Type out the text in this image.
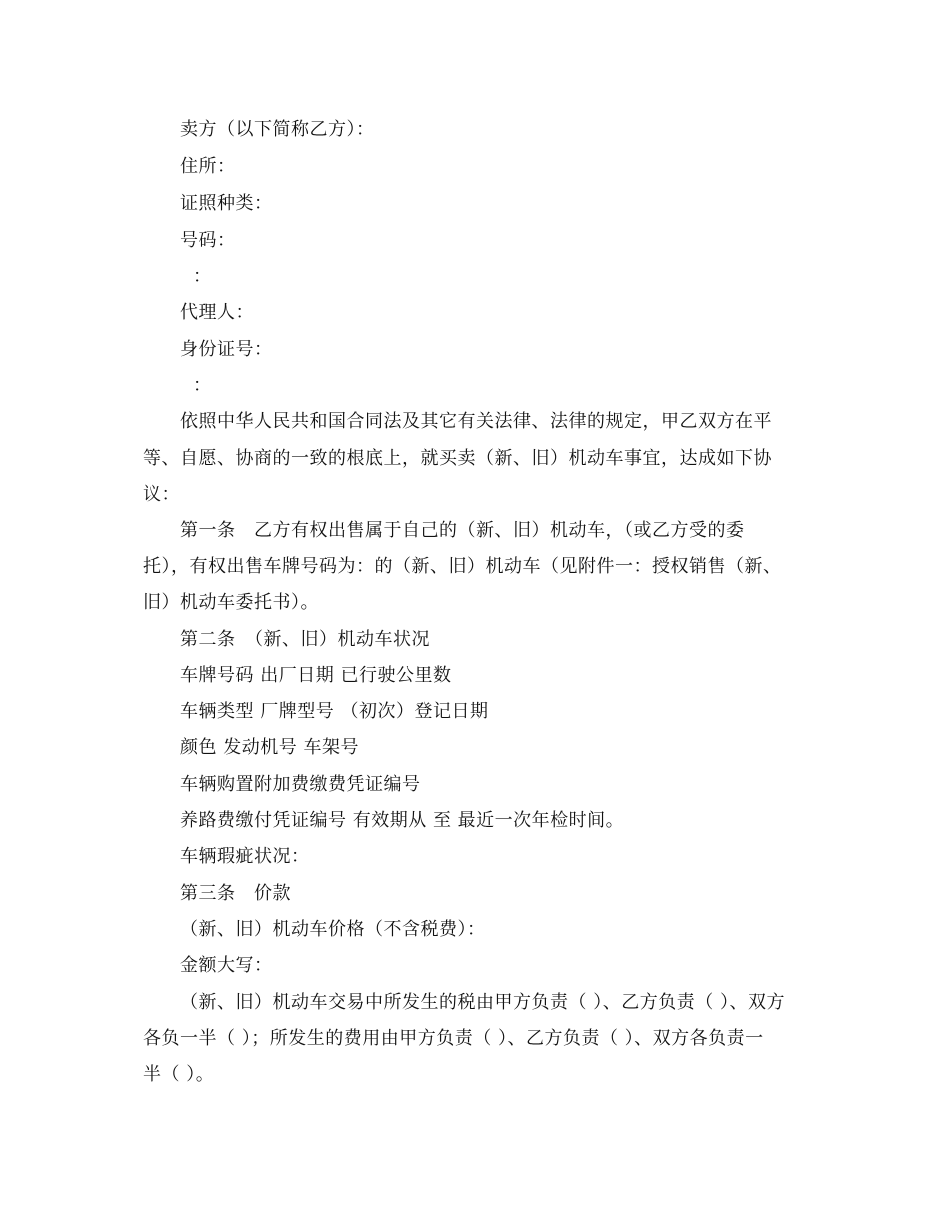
卖方（以下简称乙方）：
住所：
证照种类：
号码：
：
代理人：
身份证号：
：
依照中华人民共和国合同法及其它有关法律、法律的规定，甲乙双方在平
等、自愿、协商的一致的根底上，就买卖（新、旧）机动车事宜，达成如下协
议：
第一条　乙方有权出售属于自己的（新、旧）机动车，（或乙方受的委
托），有权出售车牌号码为：的（新、旧）机动车（见附件一：授权销售（新、
旧）机动车委托书）。
第二条　（新、旧）机动车状况
车牌号码 出厂日期 已行驶公里数
车辆类型 厂牌型号 （初次）登记日期
颜色 发动机号 车架号
车辆购置附加费缴费凭证编号
养路费缴付凭证编号 有效期从 至 最近一次年检时间。
车辆瑕疵状况：
第三条　价款
（新、旧）机动车价格（不含税费）：
金额大写：
（新、旧）机动车交易中所发生的税由甲方负责（ ）、乙方负责（ ）、双方
各负一半（ ）；所发生的费用由甲方负责（ ）、乙方负责（ ）、双方各负责一
半（ ）。
